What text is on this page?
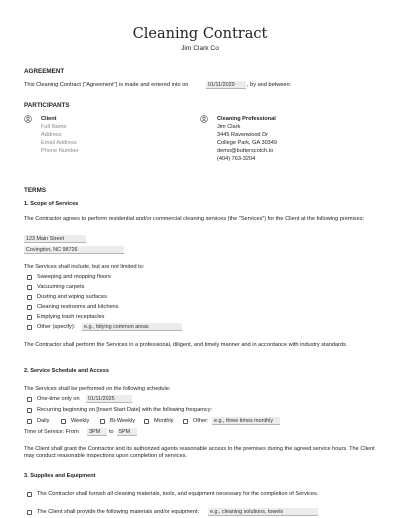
Cleaning Contract
Jim Clark Co
AGREEMENT
This Cleaning Contract ("Agreement") is made and entered into on	01/11/2029	, by and between:
PARTICIPANTS
Client
Full Name
Address
Email Address
Phone Number
Cleaning Professional
Jim Clark
3445 Ravenwood Dr
College Park, GA 30349
demo@butterscotch.io
(404) 763-3204
TERMS
1. Scope of Services
The Contractor agrees to perform residential and/or commercial cleaning services (the "Services") for the Client at the following premises:
123 Main Street
Covington, NC 98726
The Services shall include, but are not limited to:
Sweeping and mopping floors
Vacuuming carpets
Dusting and wiping surfaces
Cleaning restrooms and kitchens
Emptying trash receptacles
Other (specify):	e.g., tidying common areas
The Contractor shall perform the Services in a professional, diligent, and timely manner and in accordance with industry standards.
2. Service Schedule and Access
The Services shall be performed on the following schedule:
One-time only on	01/11/2025
Recurring beginning on [Insert Start Date] with the following frequency:
Daily	Weekly	Bi-Weekly	Monthly	Other:	e.g., three times monthly
Time of Service: From	3PM	to 5PM
The Client shall grant the Contractor and its authorized agents reasonable access to the premises during the agreed service hours. The Client may conduct reasonable inspections upon completion of services.
3. Supplies and Equipment
The Contractor shall furnish all cleaning materials, tools, and equipment necessary for the completion of Services.
The Client shall provide the following materials and/or equipment:	e.g., cleaning solutions, towels
